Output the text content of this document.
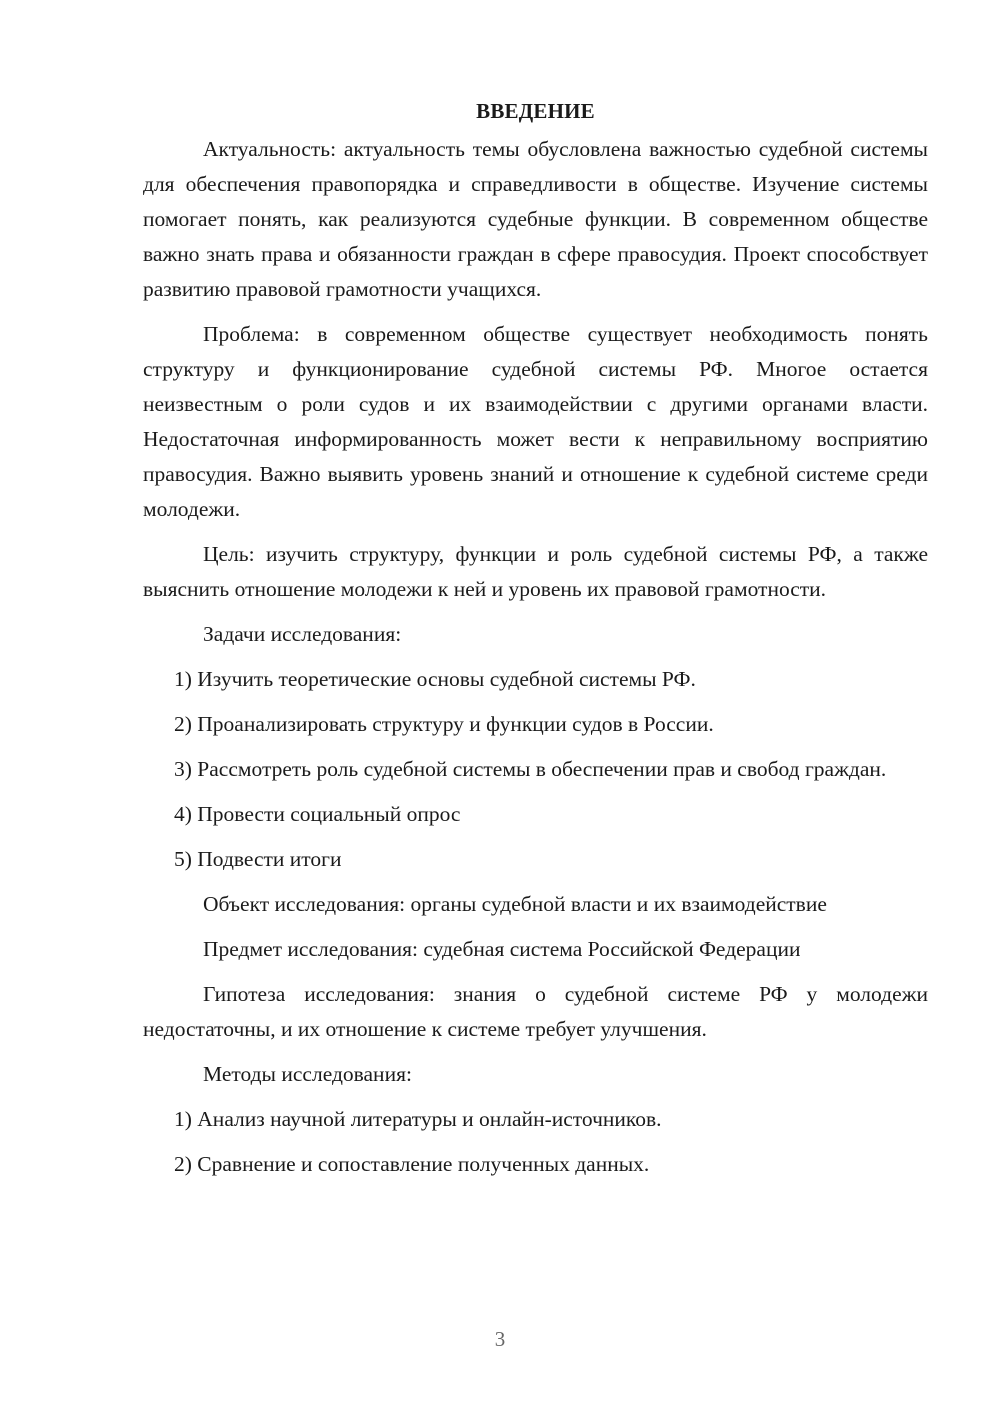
ВВЕДЕНИЕ

Актуальность: актуальность темы обусловлена важностью судебной системы для обеспечения правопорядка и справедливости в обществе. Изучение системы помогает понять, как реализуются судебные функции. В современном обществе важно знать права и обязанности граждан в сфере правосудия. Проект способствует развитию правовой грамотности учащихся.

Проблема: в современном обществе существует необходимость понять структуру и функционирование судебной системы РФ. Многое остается неизвестным о роли судов и их взаимодействии с другими органами власти. Недостаточная информированность может вести к неправильному восприятию правосудия. Важно выявить уровень знаний и отношение к судебной системе среди молодежи.

Цель: изучить структуру, функции и роль судебной системы РФ, а также выяснить отношение молодежи к ней и уровень их правовой грамотности.

Задачи исследования:

1) Изучить теоретические основы судебной системы РФ.

2) Проанализировать структуру и функции судов в России.

3) Рассмотреть роль судебной системы в обеспечении прав и свобод граждан.

4) Провести социальный опрос

5) Подвести итоги

Объект исследования: органы судебной власти и их взаимодействие
Предмет исследования: судебная система Российской Федерации

Гипотеза исследования: знания о судебной системе РФ у молодежи недостаточны, и их отношение к системе требует улучшения.

Методы исследования:

1) Анализ научной литературы и онлайн-источников.

2) Сравнение и сопоставление полученных данных.

3
